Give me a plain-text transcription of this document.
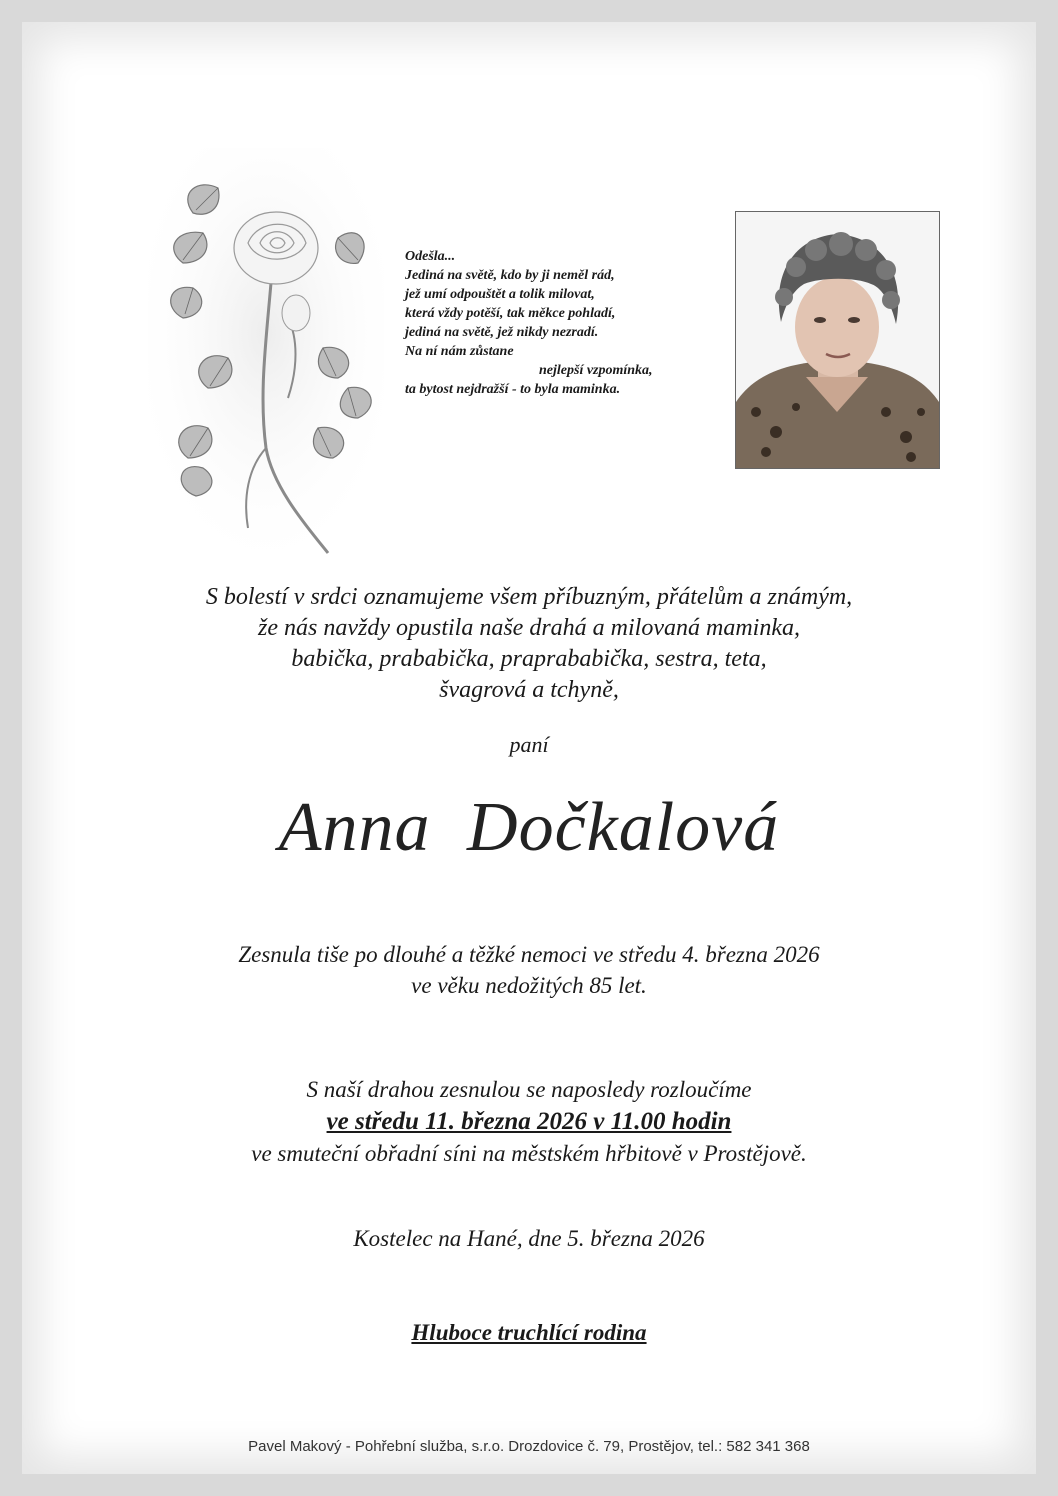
Odešla...
Jediná na světě, kdo by ji neměl rád,
jež umí odpouštět a tolik milovat,
která vždy potěší, tak měkce pohladí,
jediná na světě, jež nikdy nezradí.
Na ní nám zůstane
nejlepší vzpomínka,
ta bytost nejdražší - to byla maminka.
S bolestí v srdci oznamujeme všem příbuzným, přátelům a známým,
že nás navždy opustila naše drahá a milovaná maminka,
babička, prababička, praprababička, sestra, teta,
švagrová a tchyně,
paní
Anna Dočkalová
Zesnula tiše po dlouhé a těžké nemoci ve středu 4. března 2026
ve věku nedožitých 85 let.
S naší drahou zesnulou se naposledy rozloučíme
ve středu 11. března 2026 v 11.00 hodin
ve smuteční obřadní síni na městském hřbitově v Prostějově.
Kostelec na Hané, dne 5. března 2026
Hluboce truchlící rodina
Pavel Makový - Pohřební služba, s.r.o. Drozdovice č. 79, Prostějov, tel.: 582 341 368
